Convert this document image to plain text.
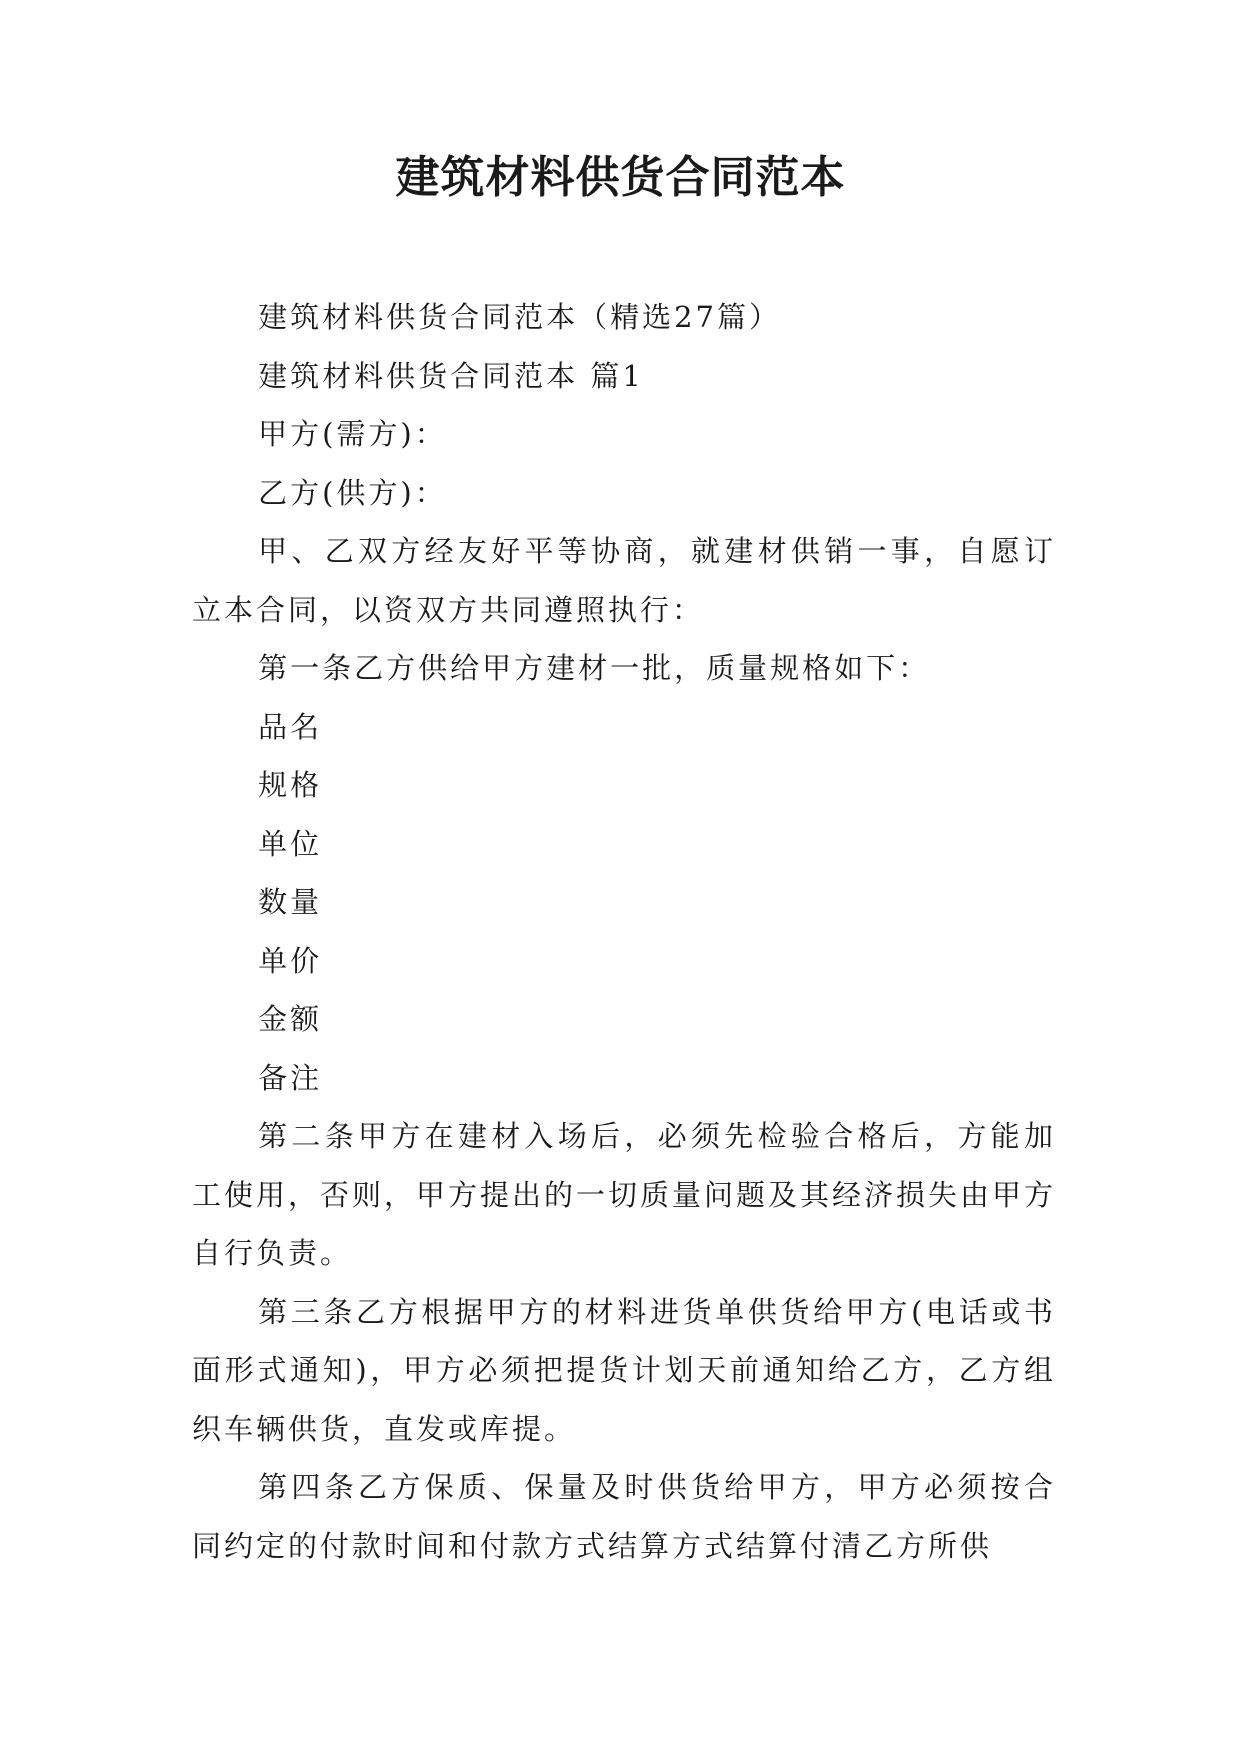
建筑材料供货合同范本

建筑材料供货合同范本（精选27篇）

建筑材料供货合同范本 篇1

甲方(需方)：

乙方(供方)：

甲、乙双方经友好平等协商，就建材供销一事，自愿订立本合同，以资双方共同遵照执行：

第一条乙方供给甲方建材一批，质量规格如下：

品名

规格

单位

数量

单价

金额

备注

第二条甲方在建材入场后，必须先检验合格后，方能加工使用，否则，甲方提出的一切质量问题及其经济损失由甲方自行负责。

第三条乙方根据甲方的材料进货单供货给甲方(电话或书面形式通知)，甲方必须把提货计划天前通知给乙方，乙方组织车辆供货，直发或库提。

第四条乙方保质、保量及时供货给甲方，甲方必须按合同约定的付款时间和付款方式结算方式结算付清乙方所供
